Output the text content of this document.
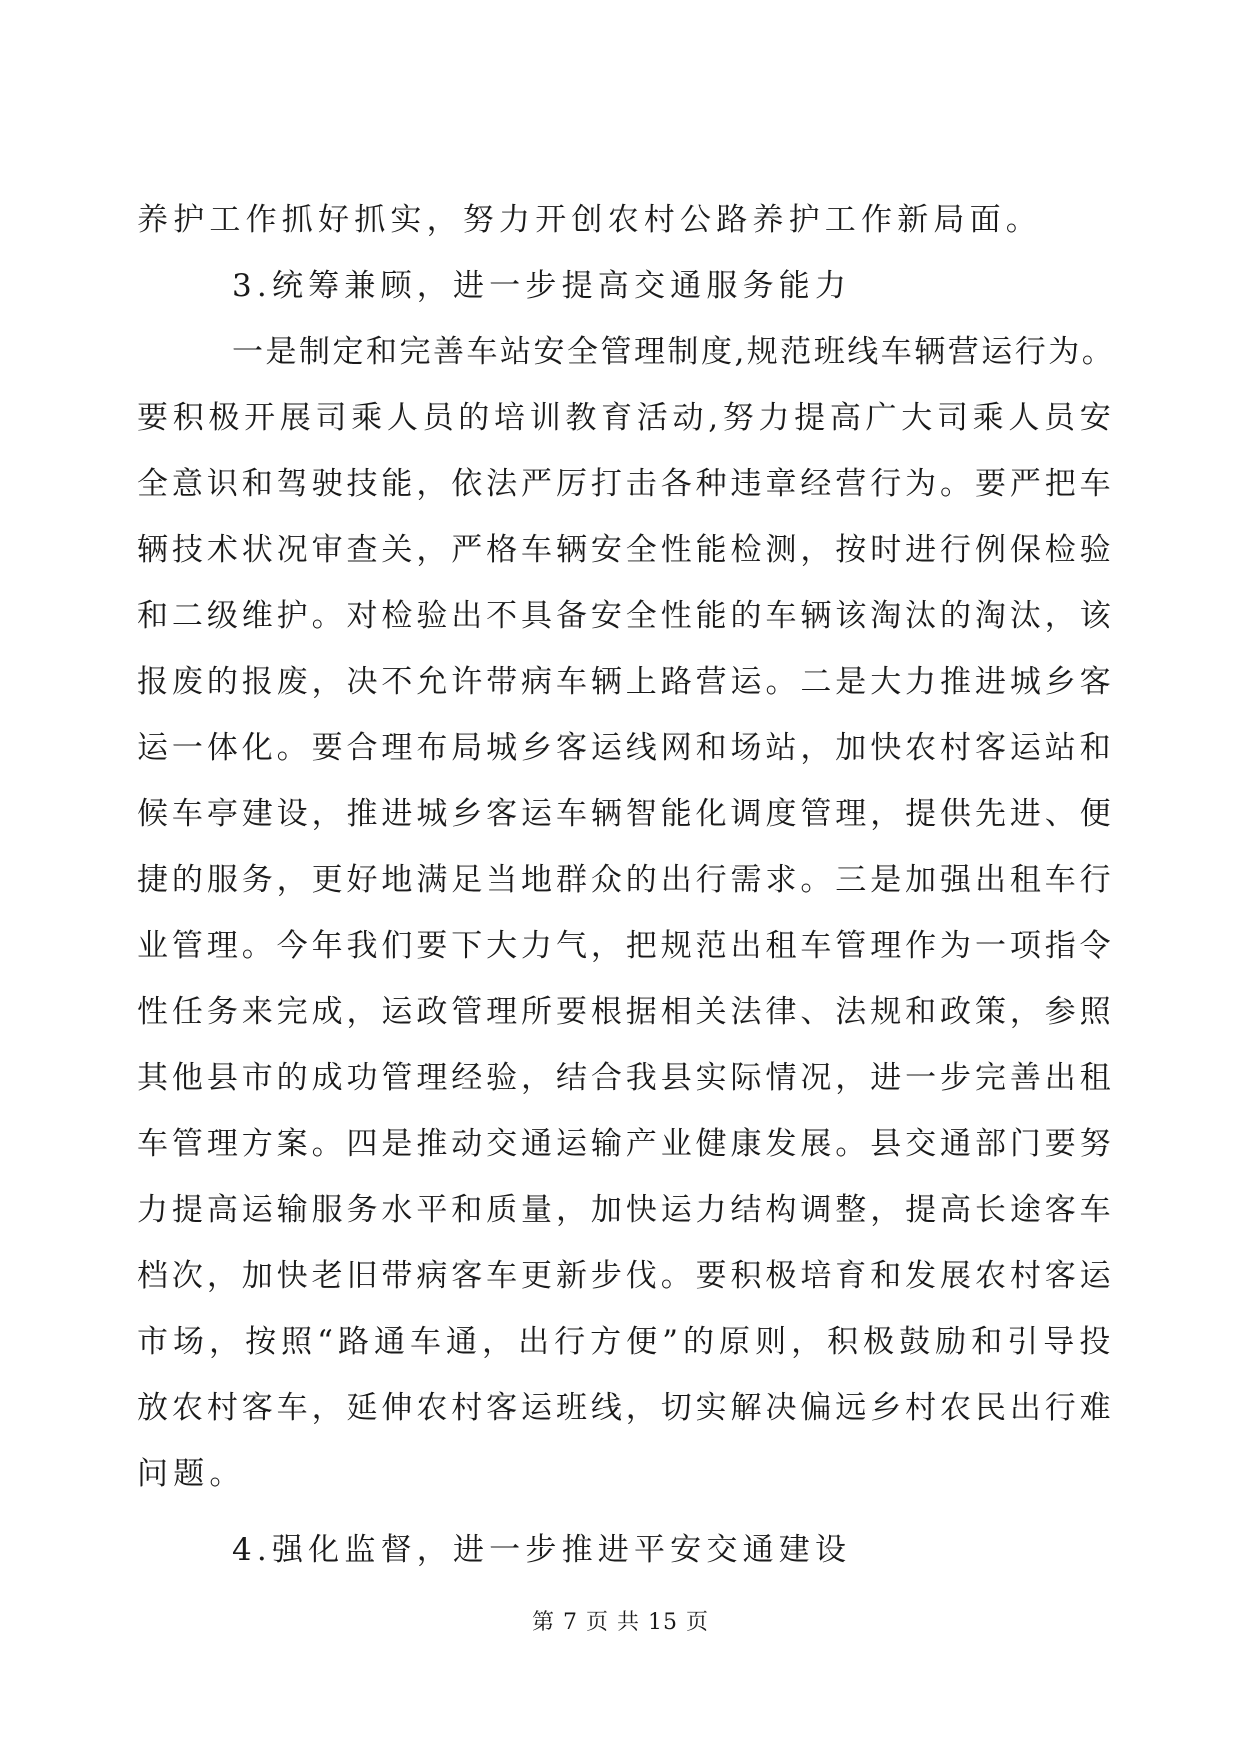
养护工作抓好抓实，努力开创农村公路养护工作新局面。
3.统筹兼顾，进一步提高交通服务能力
一是制定和完善车站安全管理制度,规范班线车辆营运行为。
要积极开展司乘人员的培训教育活动,努力提高广大司乘人员安
全意识和驾驶技能，依法严厉打击各种违章经营行为。要严把车
辆技术状况审查关，严格车辆安全性能检测，按时进行例保检验
和二级维护。对检验出不具备安全性能的车辆该淘汰的淘汰，该
报废的报废，决不允许带病车辆上路营运。二是大力推进城乡客
运一体化。要合理布局城乡客运线网和场站，加快农村客运站和
候车亭建设，推进城乡客运车辆智能化调度管理，提供先进、便
捷的服务，更好地满足当地群众的出行需求。三是加强出租车行
业管理。今年我们要下大力气，把规范出租车管理作为一项指令
性任务来完成，运政管理所要根据相关法律、法规和政策，参照
其他县市的成功管理经验，结合我县实际情况，进一步完善出租
车管理方案。四是推动交通运输产业健康发展。县交通部门要努
力提高运输服务水平和质量，加快运力结构调整，提高长途客车
档次，加快老旧带病客车更新步伐。要积极培育和发展农村客运
市场，按照“路通车通，出行方便”的原则，积极鼓励和引导投
放农村客车，延伸农村客运班线，切实解决偏远乡村农民出行难
问题。
4.强化监督，进一步推进平安交通建设
第 7 页 共 15 页
